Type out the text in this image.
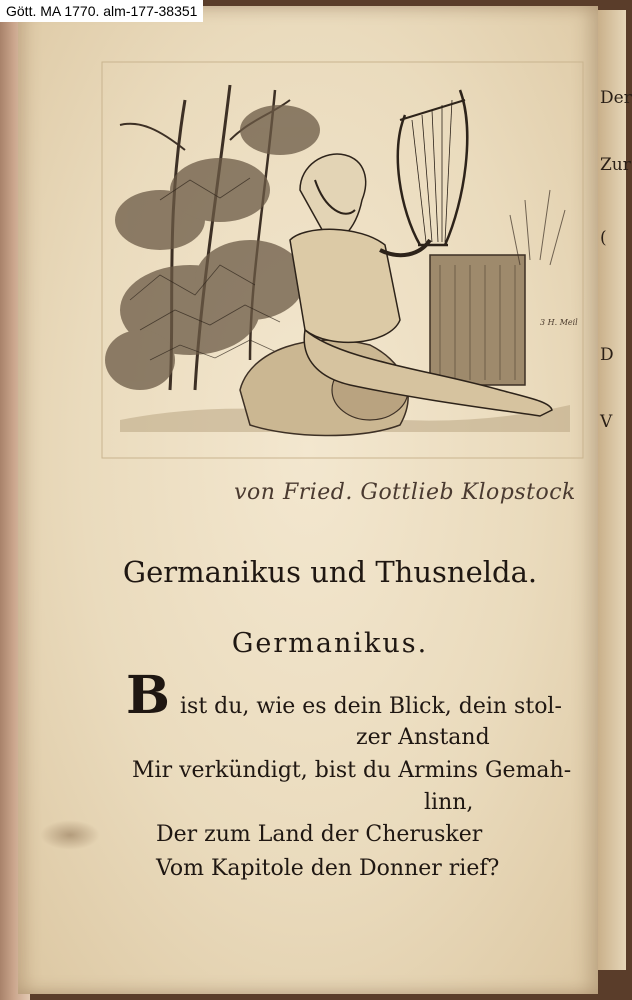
Der
Zur
(
D
V
Gött. MA 1770. alm-177-38351
3 H. Meil
von Fried. Gottlieb Klopstock
Germanikus und Thusnelda.
Germanikus.
B ist du, wie es dein Blick, dein stol-
zer Anstand
Mir verkündigt, bist du Armins Gemah-
linn,
Der zum Land der Cherusker
Vom Kapitole den Donner rief?
